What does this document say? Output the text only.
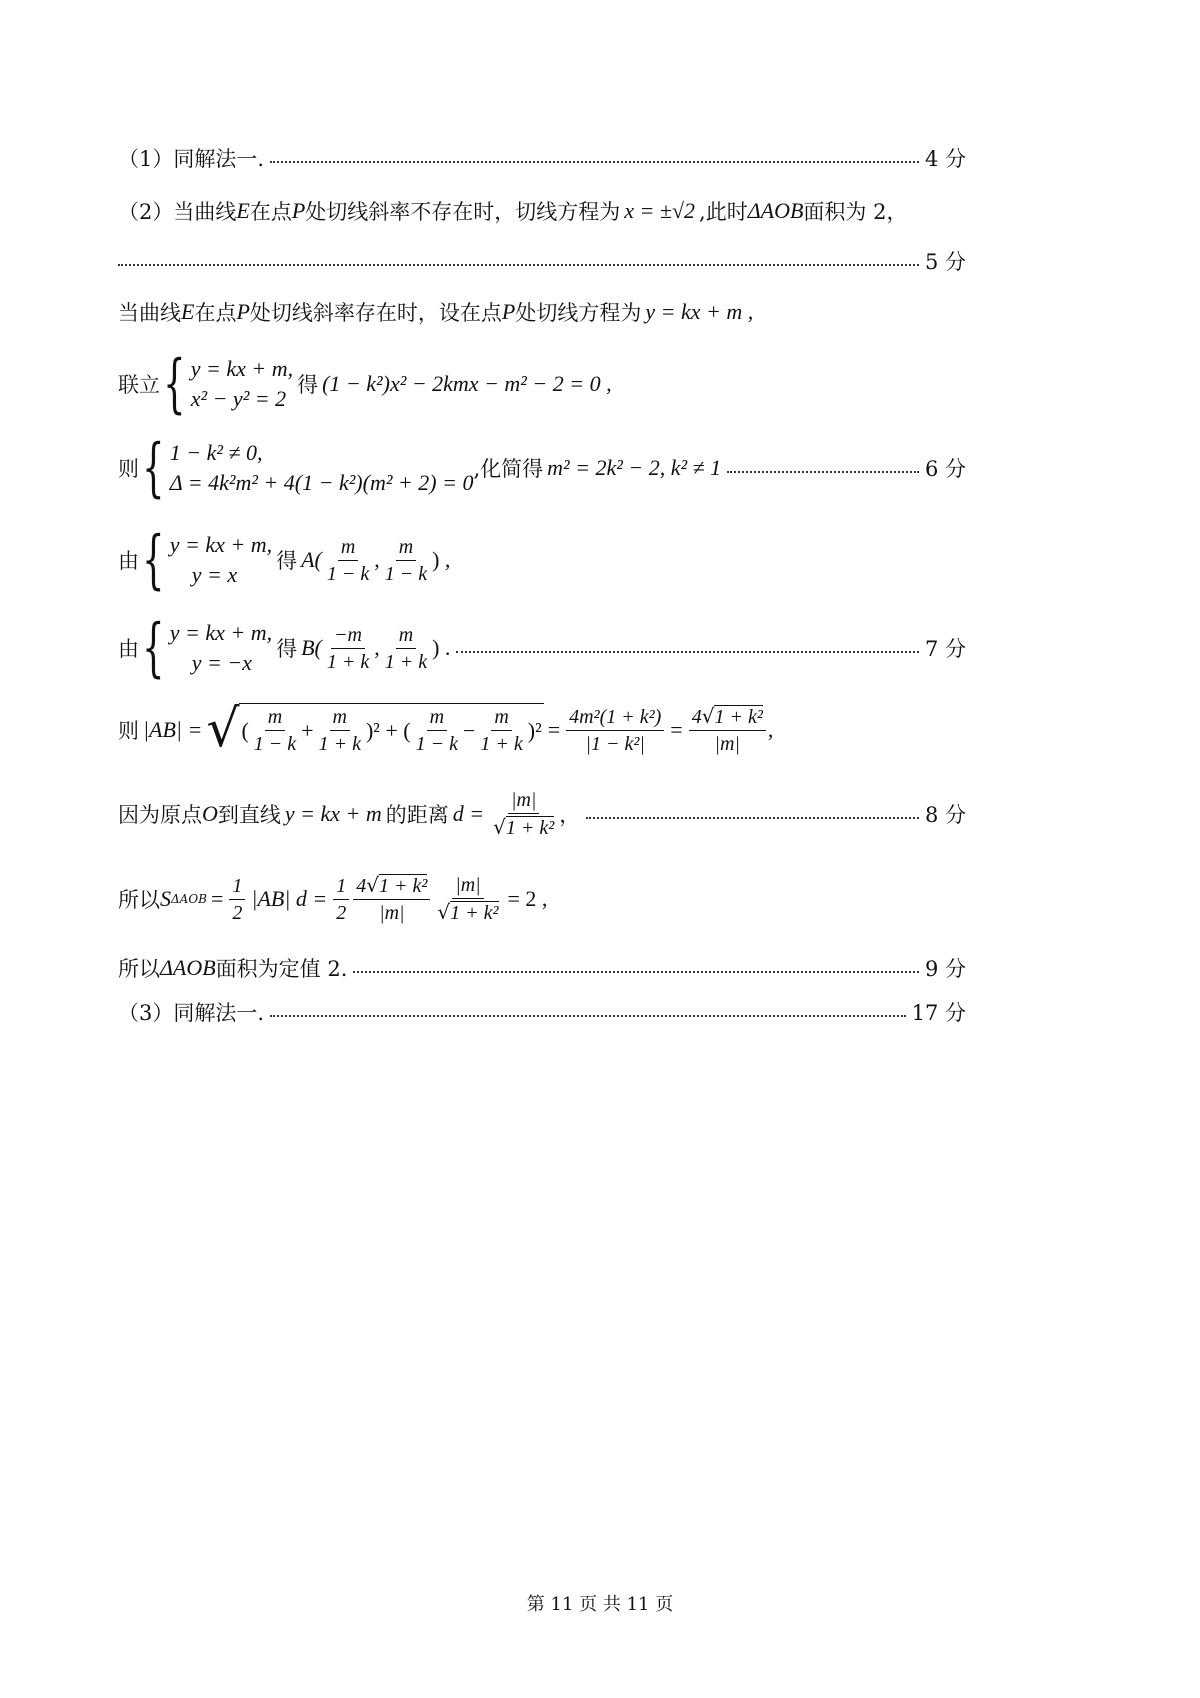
（1）同解法一.	4 分
（2）当曲线 E 在点 P 处切线斜率不存在时，切线方程为 x = ±√2 ,此时 ΔAOB 面积为 2，
5 分
当曲线 E 在点 P 处切线斜率存在时，设在点 P 处切线方程为 y = kx + m ,
联立 { y = kx + m,
x² − y² = 2
得 (1 − k²)x² − 2kmx − m² − 2 = 0 ,
则 { 1 − k² ≠ 0,
Δ = 4k²m² + 4(1 − k²)(m² + 2) = 0
,化简得 m² = 2k² − 2, k² ≠ 1	6 分
由 { y = kx + m,
y = x
得 $A( \frac{m}{1 - k}$ , $\frac{m}{1 - k}$ ) ,
由 { y = kx + m,
y = −x
得 $B( \frac{-m}{1 + k}$ , $\frac{m}{1 + k}$ ) .	7 分
则 |AB| = √ ( $\frac{m}{1 - k} + \frac{m}{1 + k} )^2$ + ( $\frac{m}{1 - k} - \frac{m}{1 + k} )^2 = \frac{\text{4m²(1 + k²)}}{\text{|1 − k²|}} = \frac{\text{4√1 + k²}}{|m|}$ ,
因为原点 O 到直线 y = kx + m 的距离 $d = \frac{|m|}{\text{√1 + k²}}$ ，	8 分
所以 S $\Delta AOB = \frac{1}{2} |AB|$ $d = \frac{1}{2} \frac{\text{4√1 + k²}}{|m|} \frac{|m|}{\text{√1 + k²}} = 2$ ,
所以 ΔAOB 面积为定值 2.	9 分
（3）同解法一.	17 分
第 11 页 共 11 页
